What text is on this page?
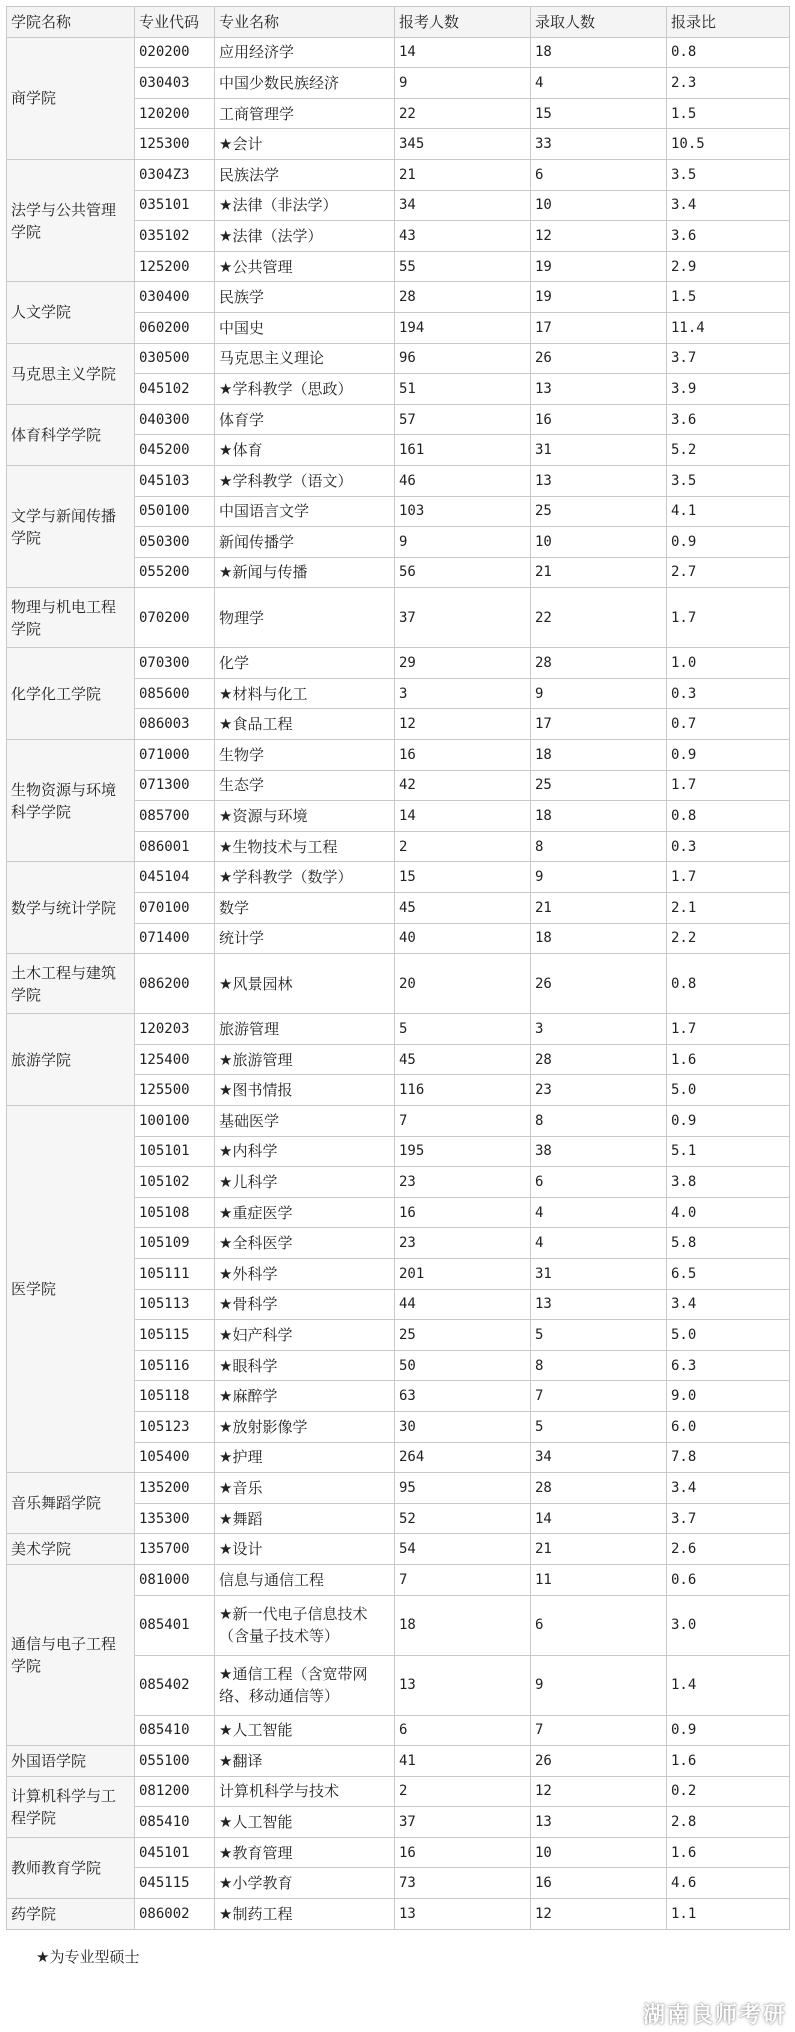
学院名称	专业代码	专业名称	报考人数	录取人数	报录比
商学院	020200	应用经济学	14	18	0.8
	030403	中国少数民族经济	9	4	2.3
	120200	工商管理学	22	15	1.5
	125300	★会计	345	33	10.5
法学与公共管理学院	0304Z3	民族法学	21	6	3.5
	035101	★法律（非法学）	34	10	3.4
	035102	★法律（法学）	43	12	3.6
	125200	★公共管理	55	19	2.9
人文学院	030400	民族学	28	19	1.5
	060200	中国史	194	17	11.4
马克思主义学院	030500	马克思主义理论	96	26	3.7
	045102	★学科教学（思政）	51	13	3.9
体育科学学院	040300	体育学	57	16	3.6
	045200	★体育	161	31	5.2
文学与新闻传播学院	045103	★学科教学（语文）	46	13	3.5
	050100	中国语言文学	103	25	4.1
	050300	新闻传播学	9	10	0.9
	055200	★新闻与传播	56	21	2.7
物理与机电工程学院	070200	物理学	37	22	1.7
化学化工学院	070300	化学	29	28	1.0
	085600	★材料与化工	3	9	0.3
	086003	★食品工程	12	17	0.7
生物资源与环境科学学院	071000	生物学	16	18	0.9
	071300	生态学	42	25	1.7
	085700	★资源与环境	14	18	0.8
	086001	★生物技术与工程	2	8	0.3
数学与统计学院	045104	★学科教学（数学）	15	9	1.7
	070100	数学	45	21	2.1
	071400	统计学	40	18	2.2
土木工程与建筑学院	086200	★风景园林	20	26	0.8
旅游学院	120203	旅游管理	5	3	1.7
	125400	★旅游管理	45	28	1.6
	125500	★图书情报	116	23	5.0
医学院	100100	基础医学	7	8	0.9
	105101	★内科学	195	38	5.1
	105102	★儿科学	23	6	3.8
	105108	★重症医学	16	4	4.0
	105109	★全科医学	23	4	5.8
	105111	★外科学	201	31	6.5
	105113	★骨科学	44	13	3.4
	105115	★妇产科学	25	5	5.0
	105116	★眼科学	50	8	6.3
	105118	★麻醉学	63	7	9.0
	105123	★放射影像学	30	5	6.0
	105400	★护理	264	34	7.8
音乐舞蹈学院	135200	★音乐	95	28	3.4
	135300	★舞蹈	52	14	3.7
美术学院	135700	★设计	54	21	2.6
通信与电子工程学院	081000	信息与通信工程	7	11	0.6
	085401	★新一代电子信息技术（含量子技术等）	18	6	3.0
	085402	★通信工程（含宽带网络、移动通信等）	13	9	1.4
	085410	★人工智能	6	7	0.9
外国语学院	055100	★翻译	41	26	1.6
计算机科学与工程学院	081200	计算机科学与技术	2	12	0.2
	085410	★人工智能	37	13	2.8
教师教育学院	045101	★教育管理	16	10	1.6
	045115	★小学教育	73	16	4.6
药学院	086002	★制药工程	13	12	1.1
★为专业型硕士
湖南良师考研
